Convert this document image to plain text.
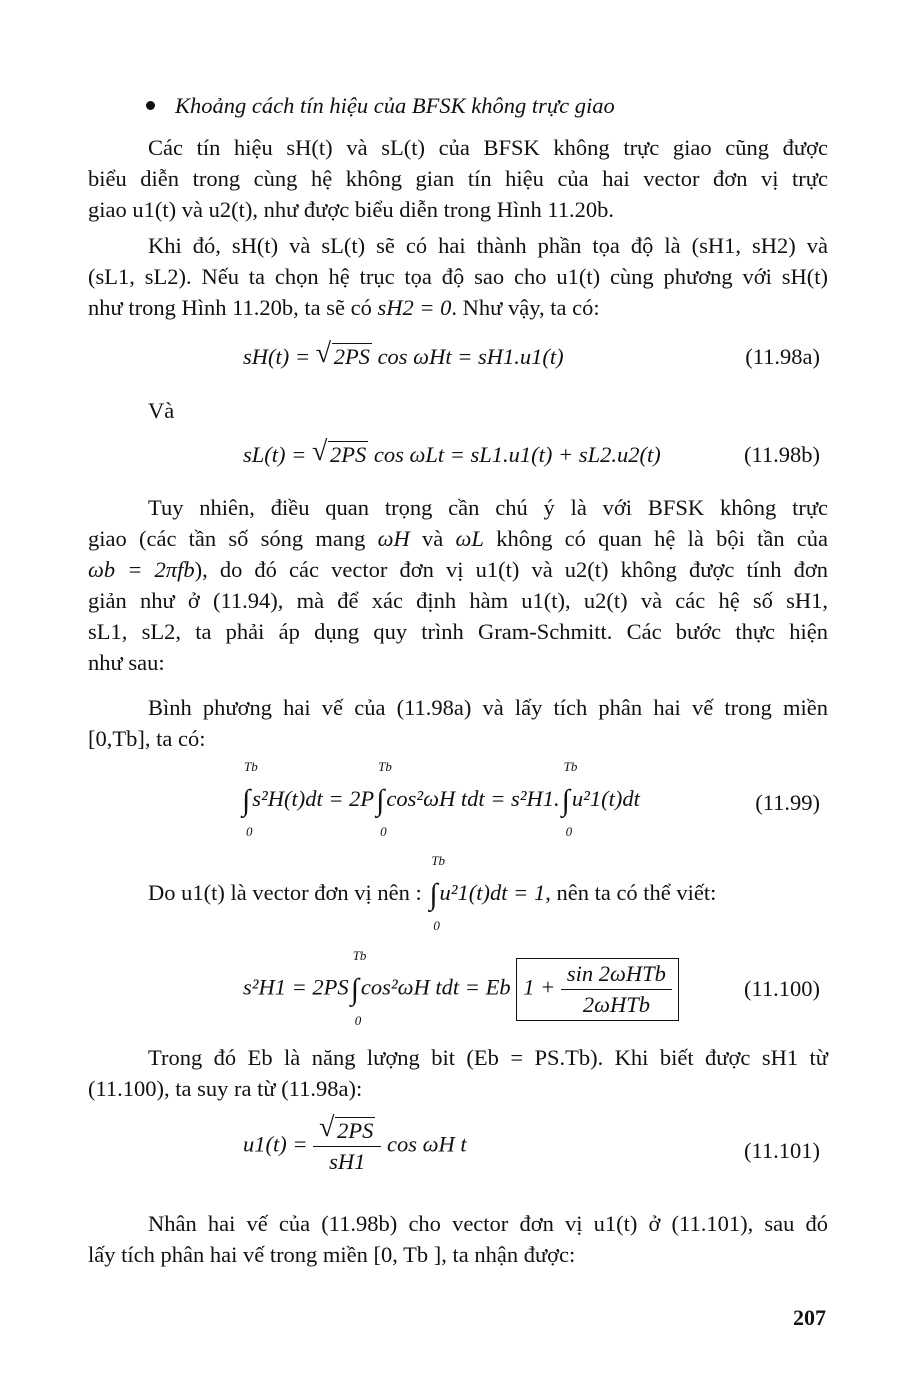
Khoảng cách tín hiệu của BFSK không trực giao
Các tín hiệu sH(t) và sL(t) của BFSK không trực giao cũng được
biểu diễn trong cùng hệ không gian tín hiệu của hai vector đơn vị trực
giao u1(t) và u2(t), như được biểu diễn trong Hình 11.20b.
Khi đó, sH(t) và sL(t) sẽ có hai thành phần tọa độ là (sH1, sH2) và
(sL1, sL2). Nếu ta chọn hệ trục tọa độ sao cho u1(t) cùng phương với sH(t)
như trong Hình 11.20b, ta sẽ có sH2 = 0. Như vậy, ta có:
sH(t) = √ 2PS cos ωHt = sH1.u1(t)	(11.98a)
Và
sL(t) = √ 2PS cos ωLt = sL1.u1(t) + sL2.u2(t)	(11.98b)
Tuy nhiên, điều quan trọng cần chú ý là với BFSK không trực
giao (các tần số sóng mang ωH và ωL không có quan hệ là bội tần của
ωb = 2πfb), do đó các vector đơn vị u1(t) và u2(t) không được tính đơn
giản như ở (11.94), mà để xác định hàm u1(t), u2(t) và các hệ số sH1,
sL1, sL2, ta phải áp dụng quy trình Gram-Schmitt. Các bước thực hiện
như sau:
Bình phương hai vế của (11.98a) và lấy tích phân hai vế trong miền
[0,Tb], ta có:
Tb
∫
0
s²H(t)dt = 2P
Tb
∫
0
cos²ωH tdt = s²H1.
Tb
∫
0
u²1(t)dt	(11.99)
Do u1(t) là vector đơn vị nên :
Tb
∫
0
u²1(t)dt = 1, nên ta có thể viết:
s²H1 = 2PS
Tb
∫
0
cos²ωH tdt = Eb $1 + \frac{\text{sin 2ωHTb}}{\text{2ωHTb}}$	(11.100)
Trong đó Eb là năng lượng bit (Eb = PS.Tb). Khi biết được sH1 từ
(11.100), ta suy ra từ (11.98a):
$u1(t) = \frac{√ 2PS}{sH1}$ cos ωH t	(11.101)
Nhân hai vế của (11.98b) cho vector đơn vị u1(t) ở (11.101), sau đó
lấy tích phân hai vế trong miền [0, Tb ], ta nhận được:
207
